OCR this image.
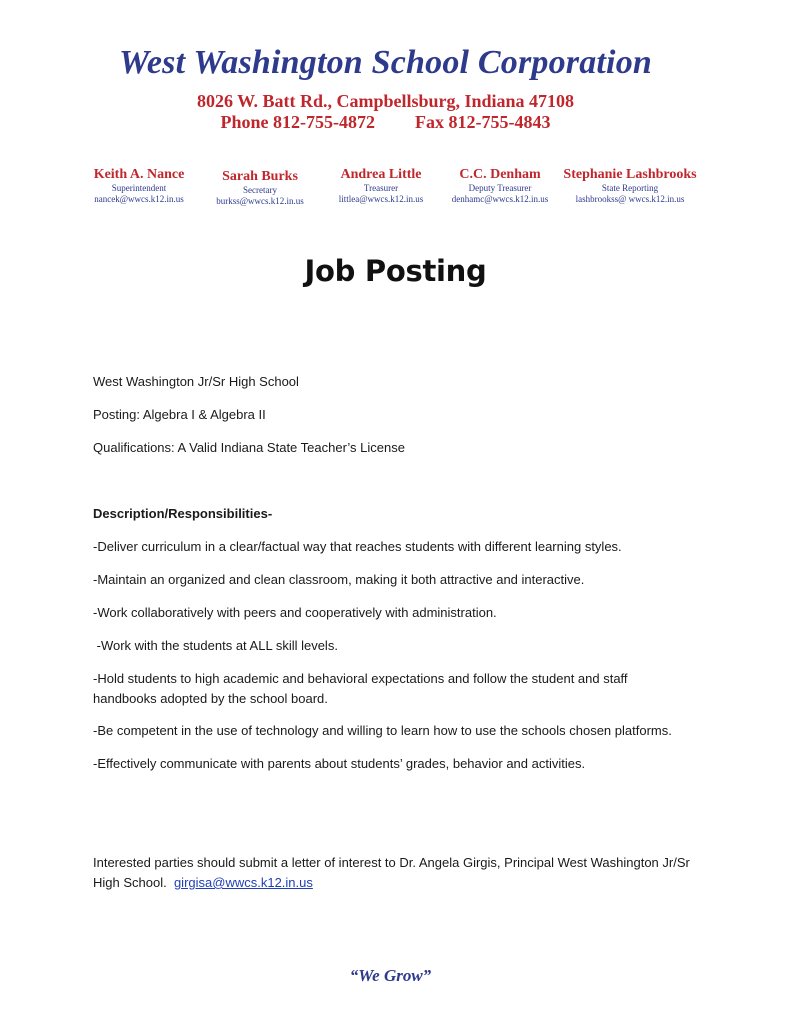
West Washington School Corporation
8026 W. Batt Rd., Campbellsburg, Indiana 47108
Phone 812-755-4872 Fax 812-755-4843
Keith A. Nance
Superintendent
nancek@wwcs.k12.in.us
Sarah Burks
Secretary
burkss@wwcs.k12.in.us
Andrea Little
Treasurer
littlea@wwcs.k12.in.us
C.C. Denham
Deputy Treasurer
denhamc@wwcs.k12.in.us
Stephanie Lashbrooks
State Reporting
lashbrookss@ wwcs.k12.in.us
Job Posting
West Washington Jr/Sr High School
Posting: Algebra I & Algebra II
Qualifications: A Valid Indiana State Teacher’s License
Description/Responsibilities-
-Deliver curriculum in a clear/factual way that reaches students with different learning styles.
-Maintain an organized and clean classroom, making it both attractive and interactive.
-Work collaboratively with peers and cooperatively with administration.
-Work with the students at ALL skill levels.
-Hold students to high academic and behavioral expectations and follow the student and staff handbooks adopted by the school board.
-Be competent in the use of technology and willing to learn how to use the schools chosen platforms.
-Effectively communicate with parents about students’ grades, behavior and activities.
Interested parties should submit a letter of interest to Dr. Angela Girgis, Principal West Washington Jr/Sr High School. girgisa@wwcs.k12.in.us
“We Grow”
